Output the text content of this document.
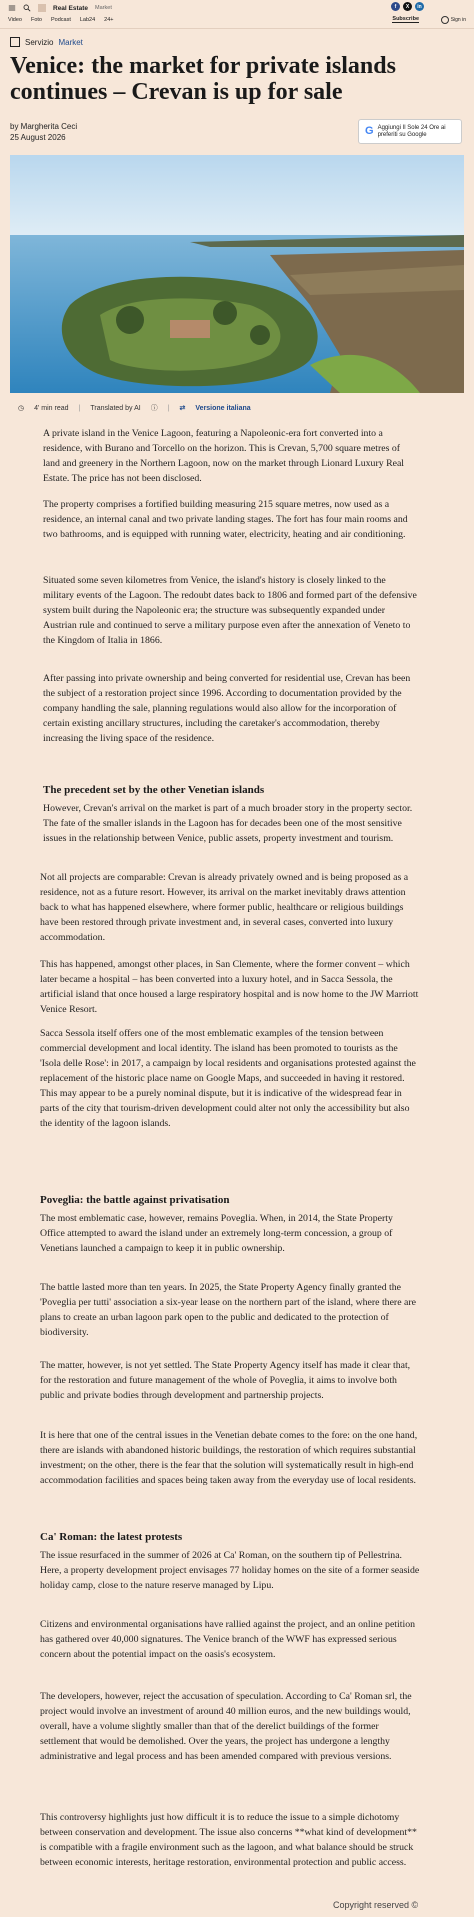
Real Estate Market	f	X	in
Video Foto Podcast Lab24 24+	Subscribe	Sign in
Servizio Market
Venice: the market for private islands continues – Crevan is up for sale
by Margherita Ceci
25 August 2026
G Aggiungi Il Sole 24 Ore ai preferiti su Google
◷ 4' min read | Translated by AI ⓘ | ⇄ Versione italiana

A private island in the Venice Lagoon, featuring a Napoleonic-era fort converted into a residence, with Burano and Torcello on the horizon. This is Crevan, 5,700 square metres of land and greenery in the Northern Lagoon, now on the market through Lionard Luxury Real Estate. The price has not been disclosed.

The property comprises a fortified building measuring 215 square metres, now used as a residence, an internal canal and two private landing stages. The fort has four main rooms and two bathrooms, and is equipped with running water, electricity, heating and air conditioning.

Situated some seven kilometres from Venice, the island's history is closely linked to the military events of the Lagoon. The redoubt dates back to 1806 and formed part of the defensive system built during the Napoleonic era; the structure was subsequently expanded under Austrian rule and continued to serve a military purpose even after the annexation of Veneto to the Kingdom of Italia in 1866.

After passing into private ownership and being converted for residential use, Crevan has been the subject of a restoration project since 1996. According to documentation provided by the company handling the sale, planning regulations would also allow for the incorporation of certain existing ancillary structures, including the caretaker's accommodation, thereby increasing the living space of the residence.

The precedent set by the other Venetian islands

However, Crevan's arrival on the market is part of a much broader story in the property sector. The fate of the smaller islands in the Lagoon has for decades been one of the most sensitive issues in the relationship between Venice, public assets, property investment and tourism.

Not all projects are comparable: Crevan is already privately owned and is being proposed as a residence, not as a future resort. However, its arrival on the market inevitably draws attention back to what has happened elsewhere, where former public, healthcare or religious buildings have been restored through private investment and, in several cases, converted into luxury accommodation.

This has happened, amongst other places, in San Clemente, where the former convent – which later became a hospital – has been converted into a luxury hotel, and in Sacca Sessola, the artificial island that once housed a large respiratory hospital and is now home to the JW Marriott Venice Resort.

Sacca Sessola itself offers one of the most emblematic examples of the tension between commercial development and local identity. The island has been promoted to tourists as the 'Isola delle Rose': in 2017, a campaign by local residents and organisations protested against the replacement of the historic place name on Google Maps, and succeeded in having it restored. This may appear to be a purely nominal dispute, but it is indicative of the widespread fear in parts of the city that tourism-driven development could alter not only the accessibility but also the identity of the lagoon islands.

Poveglia: the battle against privatisation

The most emblematic case, however, remains Poveglia. When, in 2014, the State Property Office attempted to award the island under an extremely long-term concession, a group of Venetians launched a campaign to keep it in public ownership.

The battle lasted more than ten years. In 2025, the State Property Agency finally granted the 'Poveglia per tutti' association a six-year lease on the northern part of the island, where there are plans to create an urban lagoon park open to the public and dedicated to the protection of biodiversity.

The matter, however, is not yet settled. The State Property Agency itself has made it clear that, for the restoration and future management of the whole of Poveglia, it aims to involve both public and private bodies through development and partnership projects.

It is here that one of the central issues in the Venetian debate comes to the fore: on the one hand, there are islands with abandoned historic buildings, the restoration of which requires substantial investment; on the other, there is the fear that the solution will systematically result in high-end accommodation facilities and spaces being taken away from the everyday use of local residents.

Ca' Roman: the latest protests

The issue resurfaced in the summer of 2026 at Ca' Roman, on the southern tip of Pellestrina. Here, a property development project envisages 77 holiday homes on the site of a former seaside holiday camp, close to the nature reserve managed by Lipu.

Citizens and environmental organisations have rallied against the project, and an online petition has gathered over 40,000 signatures. The Venice branch of the WWF has expressed serious concern about the potential impact on the oasis's ecosystem.

The developers, however, reject the accusation of speculation. According to Ca' Roman srl, the project would involve an investment of around 40 million euros, and the new buildings would, overall, have a volume slightly smaller than that of the derelict buildings of the former settlement that would be demolished. Over the years, the project has undergone a lengthy administrative and legal process and has been amended compared with previous versions.

This controversy highlights just how difficult it is to reduce the issue to a simple dichotomy between conservation and development. The issue also concerns **what kind of development** is compatible with a fragile environment such as the lagoon, and what balance should be struck between economic interests, heritage restoration, environmental protection and public access.

Copyright reserved ©
